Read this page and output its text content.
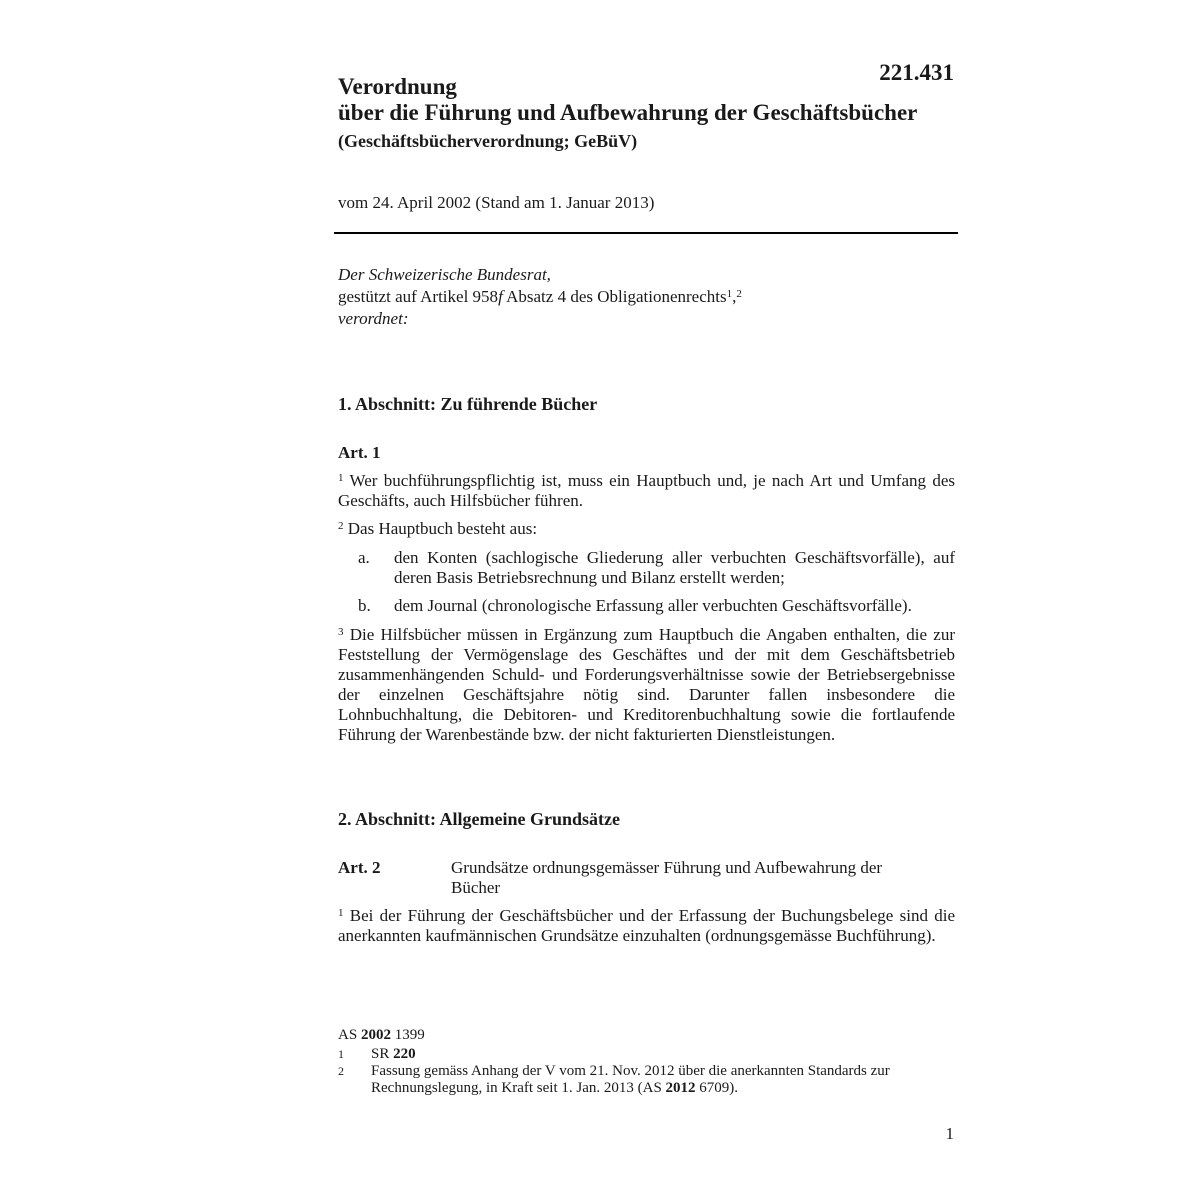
221.431
Verordnung
über die Führung und Aufbewahrung der Geschäftsbücher
(Geschäftsbücherverordnung; GeBüV)
vom 24. April 2002 (Stand am 1. Januar 2013)
Der Schweizerische Bundesrat,
gestützt auf Artikel 958f Absatz 4 des Obligationenrechts$^1$,$^2$
verordnet:
1. Abschnitt: Zu führende Bücher
Art. 1
$^1$ Wer buchführungspflichtig ist, muss ein Hauptbuch und, je nach Art und Umfang des Geschäfts, auch Hilfsbücher führen.
$^2$ Das Hauptbuch besteht aus:
a. den Konten (sachlogische Gliederung aller verbuchten Geschäftsvorfälle), auf deren Basis Betriebsrechnung und Bilanz erstellt werden;
b. dem Journal (chronologische Erfassung aller verbuchten Geschäftsvorfälle).
$^3$ Die Hilfsbücher müssen in Ergänzung zum Hauptbuch die Angaben enthalten, die zur Feststellung der Vermögenslage des Geschäftes und der mit dem Geschäftsbetrieb zusammenhängenden Schuld- und Forderungsverhältnisse sowie der Betriebsergebnisse der einzelnen Geschäftsjahre nötig sind. Darunter fallen insbesondere die Lohnbuchhaltung, die Debitoren- und Kreditorenbuchhaltung sowie die fortlaufende Führung der Warenbestände bzw. der nicht fakturierten Dienstleistungen.
2. Abschnitt: Allgemeine Grundsätze
Art. 2	Grundsätze ordnungsgemässer Führung und Aufbewahrung der Bücher
$^1$ Bei der Führung der Geschäftsbücher und der Erfassung der Buchungsbelege sind die anerkannten kaufmännischen Grundsätze einzuhalten (ordnungsgemässe Buchführung).
AS 2002 1399
1 SR 220
2 Fassung gemäss Anhang der V vom 21. Nov. 2012 über die anerkannten Standards zur Rechnungslegung, in Kraft seit 1. Jan. 2013 (AS 2012 6709).
1
